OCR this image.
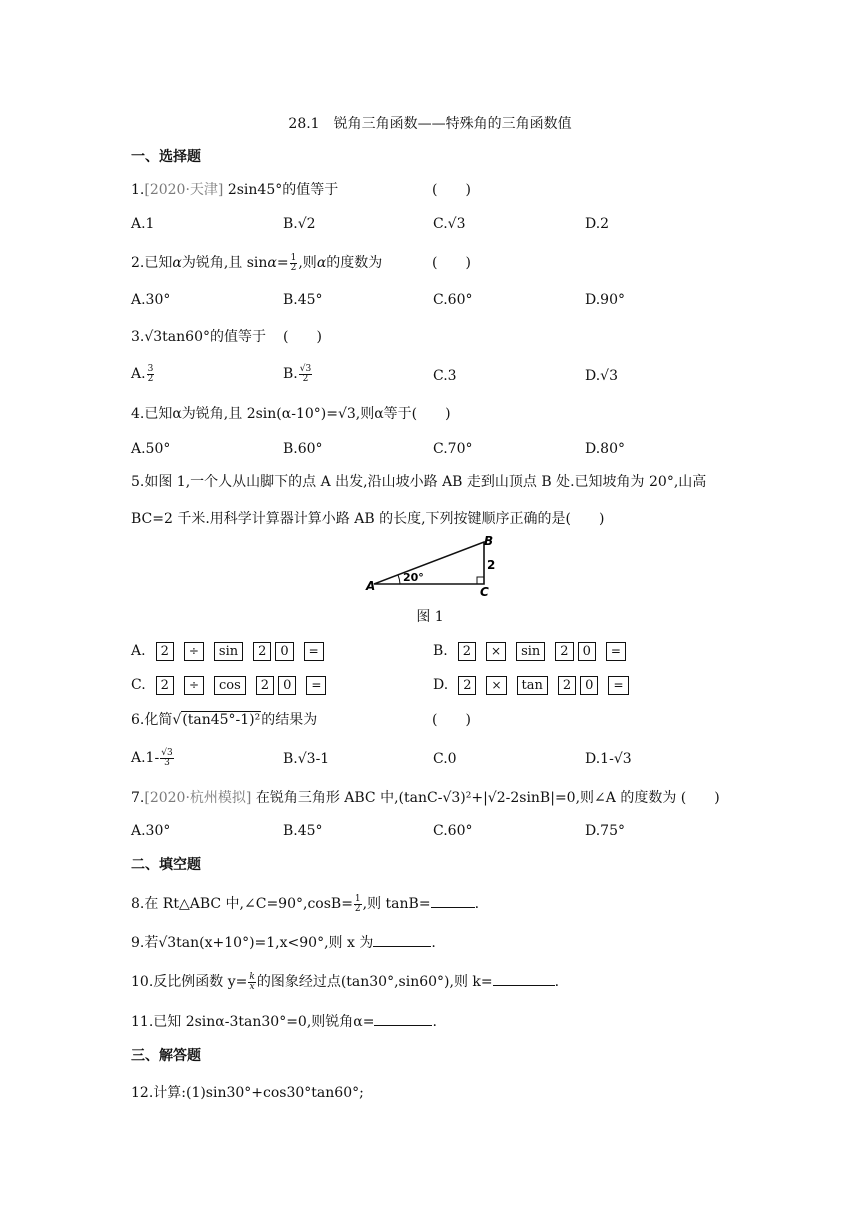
28.1　锐角三角函数——特殊角的三角函数值
一、选择题
1.[2020·天津] 2sin45°的值等于	(　　)
A.1	B.√2	C.√3	D.2
2.已知α为锐角,且 $\sin\alpha= \frac{1}{2}$ ,则α的度数为	(　　)
A.30°	B.45°	C.60°	D.90°
3.√3tan60°的值等于 (　　)
A. $\frac{3}{2}$	B. $\frac{√3}{2}$	C.3	D.√3
4.已知α为锐角,且 2sin(α-10°)=√3,则α等于(　　)
A.50°	B.60°	C.70°	D.80°
5.如图 1,一个人从山脚下的点 A 出发,沿山坡小路 AB 走到山顶点 B 处.已知坡角为 20°,山高
BC=2 千米.用科学计算器计算小路 AB 的长度,下列按键顺序正确的是(　　)
A
B
C
20°
2
图 1
A. 2 ÷ sin 2 0 =	B. 2 × sin 2 0 =
C. 2 ÷ cos 2 0 =	D. 2 × tan 2 0 =
6.化简√(tan45°-1)²的结果为	(　　)
$A.1- \frac{√3}{3}$	B.√3-1	C.0	D.1-√3
7.[2020·杭州模拟] 在锐角三角形 ABC 中,(tanC-√3)²+|√2-2sinB|=0,则∠A 的度数为 (　　)
A.30°	B.45°	C.60°	D.75°
二、填空题
8.在 Rt△ABC 中,∠C=90°,cosB= $\frac{1}{2}$ ,则 tanB=	.
9.若√3tan(x+10°)=1,x<90°,则 x 为	.
10.反比例函数 $y= \frac{k}{x}$ 的图象经过点(tan30°,sin60°),则 k=	.
11.已知 2sinα-3tan30°=0,则锐角α=	.
三、解答题
12.计算:(1)sin30°+cos30°tan60°;
